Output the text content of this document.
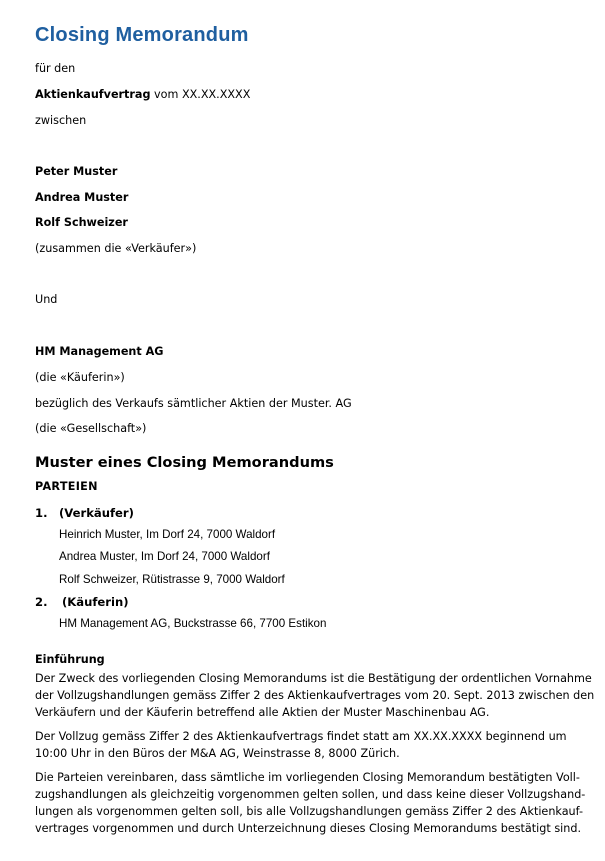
Closing Memorandum
für den
Aktienkaufvertrag vom XX.XX.XXXX
zwischen
Peter Muster
Andrea Muster
Rolf Schweizer
(zusammen die «Verkäufer»)
Und
HM Management AG
(die «Käuferin»)
bezüglich des Verkaufs sämtlicher Aktien der Muster. AG
(die «Gesellschaft»)
Muster eines Closing Memorandums
PARTEIEN
1. (Verkäufer)
Heinrich Muster, Im Dorf 24, 7000 Waldorf
Andrea Muster, Im Dorf 24, 7000 Waldorf
Rolf Schweizer, Rütistrasse 9, 7000 Waldorf
2. (Käuferin)
HM Management AG, Buckstrasse 66, 7700 Estikon
Einführung
Der Zweck des vorliegenden Closing Memorandums ist die Bestätigung der ordentlichen Vornahme
der Vollzugshandlungen gemäss Ziffer 2 des Aktienkaufvertrages vom 20. Sept. 2013 zwischen den
Verkäufern und der Käuferin betreffend alle Aktien der Muster Maschinenbau AG.
Der Vollzug gemäss Ziffer 2 des Aktienkaufvertrags findet statt am XX.XX.XXXX beginnend um
10:00 Uhr in den Büros der M&A AG, Weinstrasse 8, 8000 Zürich.
Die Parteien vereinbaren, dass sämtliche im vorliegenden Closing Memorandum bestätigten Voll-
zugshandlungen als gleichzeitig vorgenommen gelten sollen, und dass keine dieser Vollzugshand-
lungen als vorgenommen gelten soll, bis alle Vollzugshandlungen gemäss Ziffer 2 des Aktienkauf-
vertrages vorgenommen und durch Unterzeichnung dieses Closing Memorandums bestätigt sind.
